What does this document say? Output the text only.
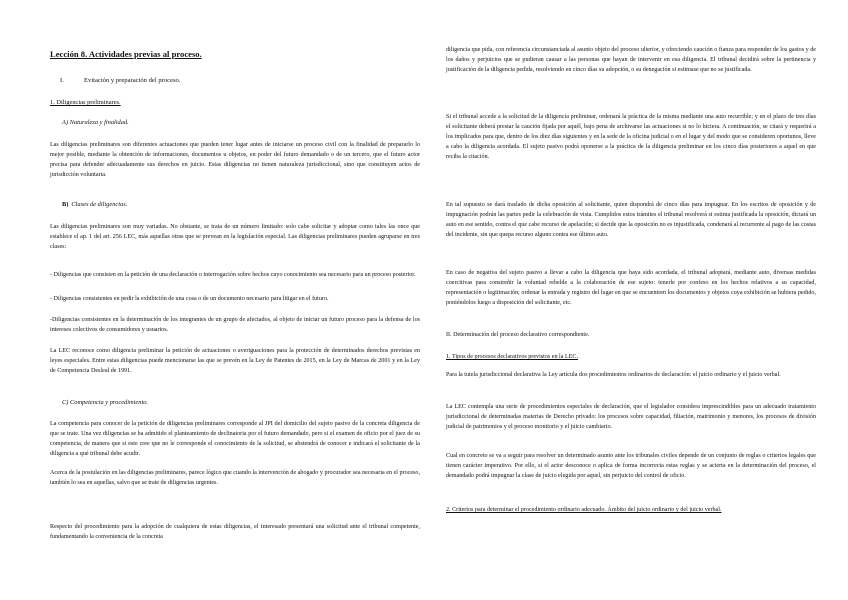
Lección 8. Actividades previas al proceso.

I.	Evitación y preparación del proceso.

1. Diligencias preliminares.

A) Naturaleza y finalidad.

Las diligencias preliminares son diferentes actuaciones que pueden tener lugar antes de iniciarse un proceso civil con la finalidad de prepararlo lo mejor posible, mediante la obtención de informaciones, documentos u objetos, en poder del futuro demandado o de un tercero, que el futuro actor precisa para defender adecuadamente sus derechos en juicio. Estas diligencias no tienen naturaleza jurisdiccional, sino que constituyen actos de jurisdicción voluntaria.

B) Clases de diligencias.

Las diligencias preliminares son muy variadas. No obstante, se trata de un número limitado: solo cabe solicitar y adoptar como tales las once que establece el ap. 1 del art. 256 LEC, más aquellas otras que se prevean en la legislación especial. Las diligencias preliminares pueden agruparse en tres clases:

- Diligencias que consisten en la petición de una declaración o interrogación sobre hechos cuyo conocimiento sea necesario para un proceso posterior.

- Diligencias consistentes en pedir la exhibición de una cosa o de un documento necesario para litigar en el futuro.

-Diligencias consistentes en la determinación de los integrantes de un grupo de afectados, al objeto de iniciar un futuro proceso para la defensa de los intereses colectivos de consumidores y usuarios.

La LEC reconoce como diligencia preliminar la petición de actuaciones o averiguaciones para la protección de determinados derechos previstas en leyes especiales. Entre estas diligencias puede mencionarse las que se prevén en la Ley de Patentes de 2015, en la Ley de Marcas de 2001 y en la Ley de Competencia Desleal de 1991.

C) Competencia y procedimiento.

La competencia para conocer de la petición de diligencias preliminares corresponde al JPI del domicilio del sujeto pasivo de la concreta diligencia de que se trate. Una vez diligencias se ha admitido el planteamiento de declinatoria por el futuro demandado, pero si el examen de oficio por el juez de su competencia, de manera que si este cree que no le corresponde el conocimiento de la solicitud, se abstendrá de conocer e indicará el solicitante de la diligencia a qué tribunal debe acudir.

Acerca de la postulación en las diligencias preliminares, parece lógico que cuando la intervención de abogado y procurador sea necesaria en el proceso, también lo sea en aquellas, salvo que se trate de diligencias urgentes.

Respecto del procedimiento para la adopción de cualquiera de estas diligencias, el interesado presentará una solicitud ante el tribunal competente, fundamentando la conveniencia de la concreta

diligencia que pida, con referencia circunstanciada al asunto objeto del proceso ulterior, y ofreciendo caución o fianza para responder de los gastos y de los daños y perjuicios que se pudieran causar a las personas que hayan de intervenir en esa diligencia. El tribunal decidirá sobre la pertinencia y justificación de la diligencia pedida, resolviendo en cinco días su adopción, o su denegación si estimase que no se justificada.

Si el tribunal accede a la solicitud de la diligencia preliminar, ordenará la práctica de la misma mediante una auto recurrible; y en el plazo de tres días el solicitante deberá prestar la caución fijada por aquél, bajo pena de archivarse las actuaciones si no lo hiciera. A continuación, se citará y requerirá a los implicados para que, dentro de los diez días siguientes y en la sede de la oficina judicial o en el lugar y del modo que se consideren oportunos, lleve a cabo la diligencia acordada. El sujeto pasivo podrá oponerse a la práctica de la diligencia preliminar en los cinco días posteriores a aquel en que reciba la citación.

En tal supuesto se dará traslado de dicha oposición al solicitante, quien dispondrá de cinco días para impugnar. En los escritos de oposición y de impugnación podrán las partes pedir la celebración de vista. Cumplidos estos trámites el tribunal resolverá si estima justificada la oposición, dictará un auto en ese sentido, contra el que cabe recurso de apelación; si decide que la oposición no es injustificada, condenará al recurrente al pago de las costas del incidente, sin que quepa recurso alguno contra ese último auto.

En caso de negativa del sujeto pasivo a llevar a cabo la diligencia que haya sido acordada, el tribunal adoptará, mediante auto, diversas medidas coercitivas para constreñir la voluntad rebelde a la colaboración de ese sujeto: tenerle por confeso en los hechos relativos a su capacidad, representación o legitimación; ordenar la entrada y registro del lugar en que se encuentren los documentos y objetos cuya exhibición se hubiera pedido, poniéndolos luego a disposición del solicitante, etc.

II. Determinación del proceso declarativo correspondiente.

1. Tipos de procesos declarativos previstos en la LEC.

Para la tutela jurisdiccional declarativa la Ley articula dos procedimientos ordinarios de declaración: el juicio ordinario y el juicio verbal.

La LEC contempla una serie de procedimientos especiales de declaración, que el legislador considera imprescindibles para un adecuado tratamiento jurisdiccional de determinadas materias de Derecho privado: los procesos sobre capacidad, filiación, matrimonio y menores, los procesos de división judicial de patrimonios y el proceso monitorio y el juicio cambiario.

Cual en concreto se va a seguir para resolver un determinado asunto ante los tribunales civiles depende de un conjunto de reglas o criterios legales que tienen carácter imperativo. Por ello, si el actor desconoce o aplica de forma incorrecta estas reglas y se acierta en la determinación del proceso, el demandado podrá impugnar la clase de juicio elegida por aquel, sin perjuicio del control de oficio.

2. Criterios para determinar el procedimiento ordinario adecuado. Ámbito del juicio ordinario y del juicio verbal.
